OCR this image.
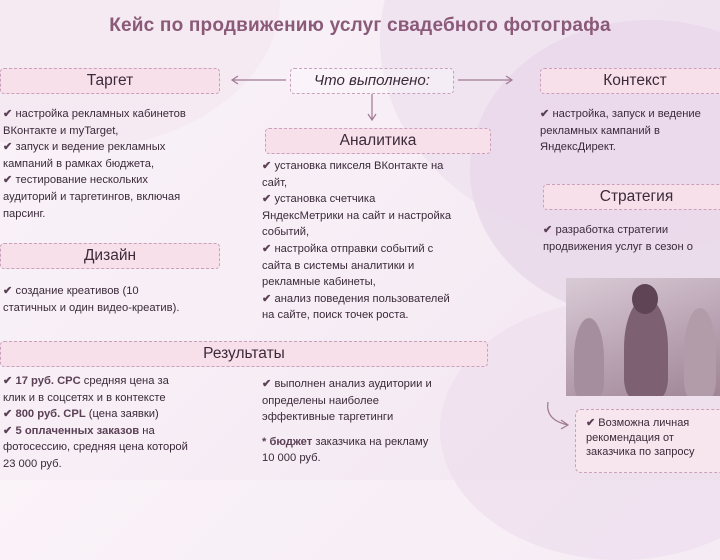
Кейс по продвижению услуг свадебного фотографа
Таргет	Что выполнено:	Контекст

✔ настройка рекламных кабинетов

ВКонтакте и myTarget,

✔ запуск и ведение рекламных

кампаний в рамках бюджета,

✔ тестирование нескольких

аудиторий и таргетингов, включая

парсинг.

Дизайн

✔ создание креативов (10

статичных и один видео-креатив).

Аналитика

✔ установка пикселя ВКонтакте на

сайт,

✔ установка счетчика

ЯндексМетрики на сайт и настройка

событий,

✔ настройка отправки событий с

сайта в системы аналитики и

рекламные кабинеты,

✔ анализ поведения пользователей

на сайте, поиск точек роста.

✔ настройка, запуск и ведение

рекламных кампаний в

ЯндексДирект.

Стратегия

✔ разработка стратегии

продвижения услуг в сезон о

Результаты

✔ 17 руб. CPC средняя цена за

клик и в соцсетях и в контексте

✔ 800 руб. CPL (цена заявки)

✔ 5 оплаченных заказов на

фотосессию, средняя цена которой

23 000 руб.

✔ выполнен анализ аудитории и

определены наиболее

эффективные таргетинги

* бюджет заказчика на рекламу

10 000 руб.

✔ Возможна личная
рекомендация от
заказчика по запросу
